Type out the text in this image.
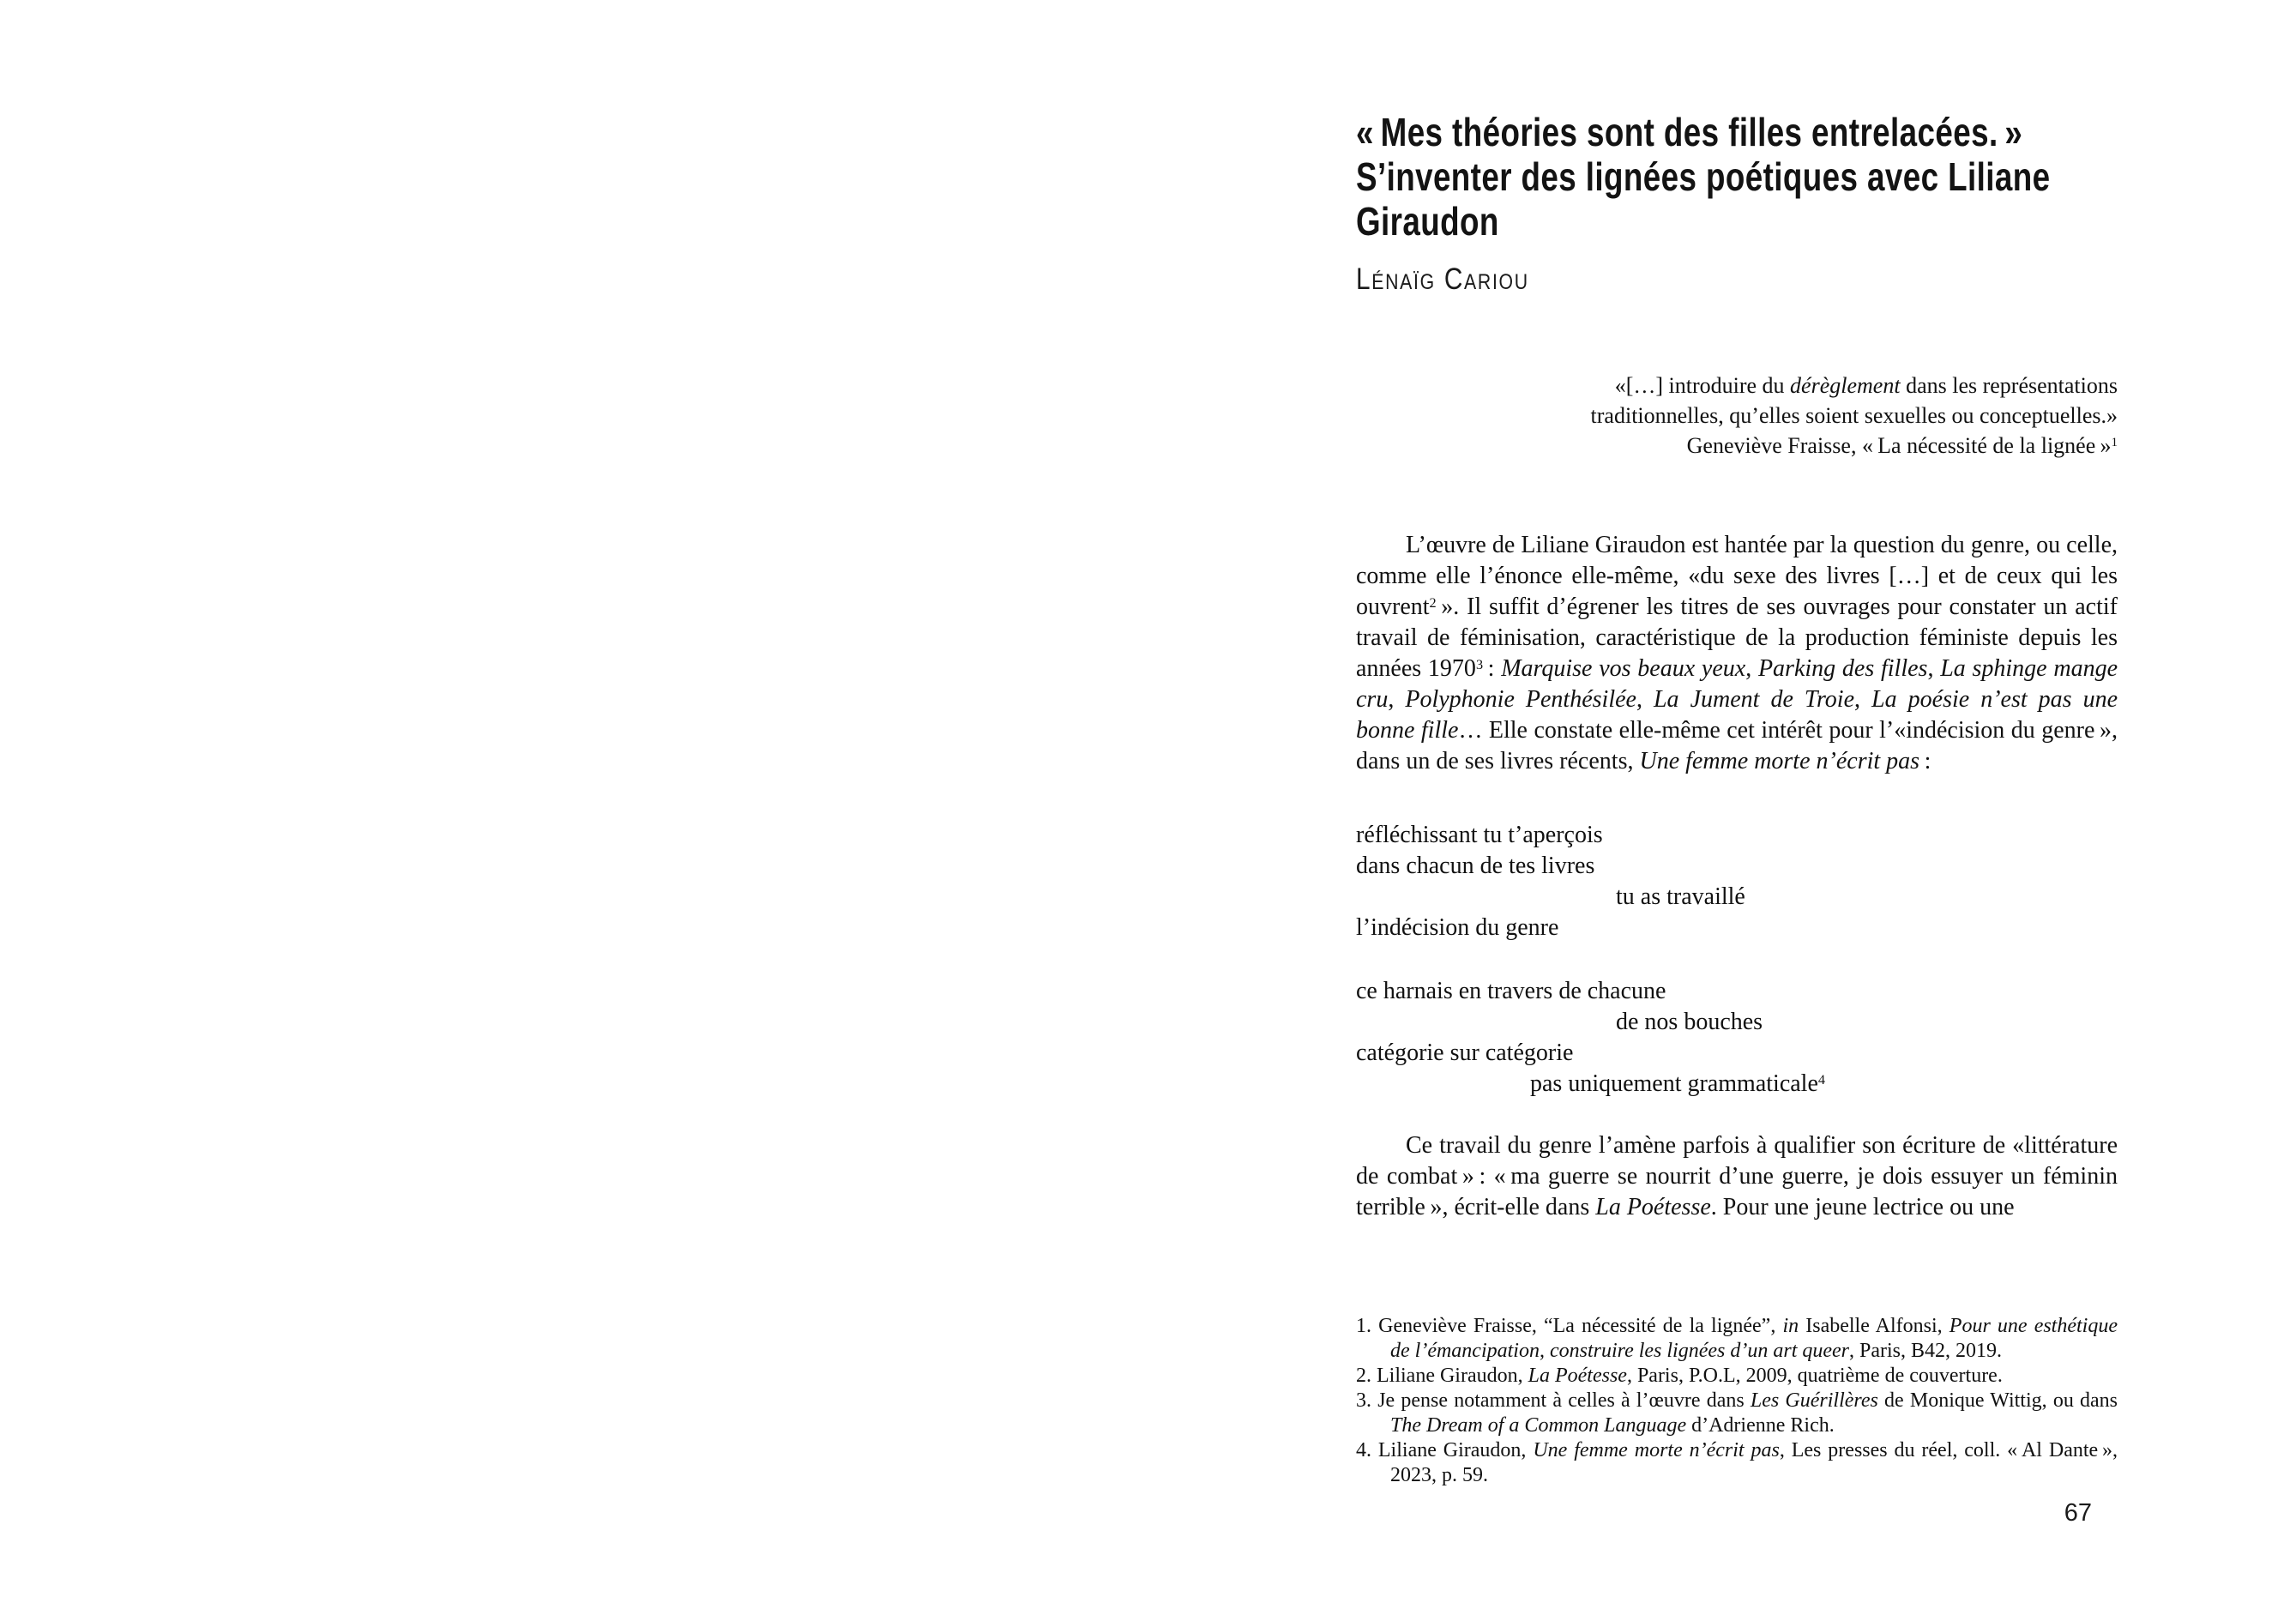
« Mes théories sont des filles entrelacées. »
S’inventer des lignées poétiques avec Liliane
Giraudon
Lénaïg Cariou
«[…] introduire du dérèglement dans les représentations
traditionnelles, qu’elles soient sexuelles ou conceptuelles.»
Geneviève Fraisse, « La nécessité de la lignée »$^1$
L’œuvre de Liliane Giraudon est hantée par la question du genre, ou celle, comme elle l’énonce elle-même, «du sexe des livres […] et de ceux qui les ouvrent$^2$ ». Il suffit d’égrener les titres de ses ouvrages pour constater un actif travail de féminisation, caractéristique de la production féministe depuis les années 1970$^3$ : Marquise vos beaux yeux, Parking des filles, La sphinge mange cru, Polyphonie Penthésilée, La Jument de Troie, La poésie n’est pas une bonne fille… Elle constate elle-même cet intérêt pour l’«indécision du genre », dans un de ses livres récents, Une femme morte n’écrit pas :
réfléchissant tu t’aperçois
dans chacun de tes livres
tu as travaillé
l’indécision du genre
ce harnais en travers de chacune
de nos bouches
catégorie sur catégorie
pas uniquement grammaticale$^4$
Ce travail du genre l’amène parfois à qualifier son écriture de «littérature de combat » : « ma guerre se nourrit d’une guerre, je dois essuyer un féminin terrible », écrit-elle dans La Poétesse. Pour une jeune lectrice ou une
1. Geneviève Fraisse, “La nécessité de la lignée”, in Isabelle Alfonsi, Pour une esthétique de l’émancipation, construire les lignées d’un art queer, Paris, B42, 2019.
2. Liliane Giraudon, La Poétesse, Paris, P.O.L, 2009, quatrième de couverture.
3. Je pense notamment à celles à l’œuvre dans Les Guérillères de Monique Wittig, ou dans The Dream of a Common Language d’Adrienne Rich.
4. Liliane Giraudon, Une femme morte n’écrit pas, Les presses du réel, coll. « Al Dante », 2023, p. 59.
67
